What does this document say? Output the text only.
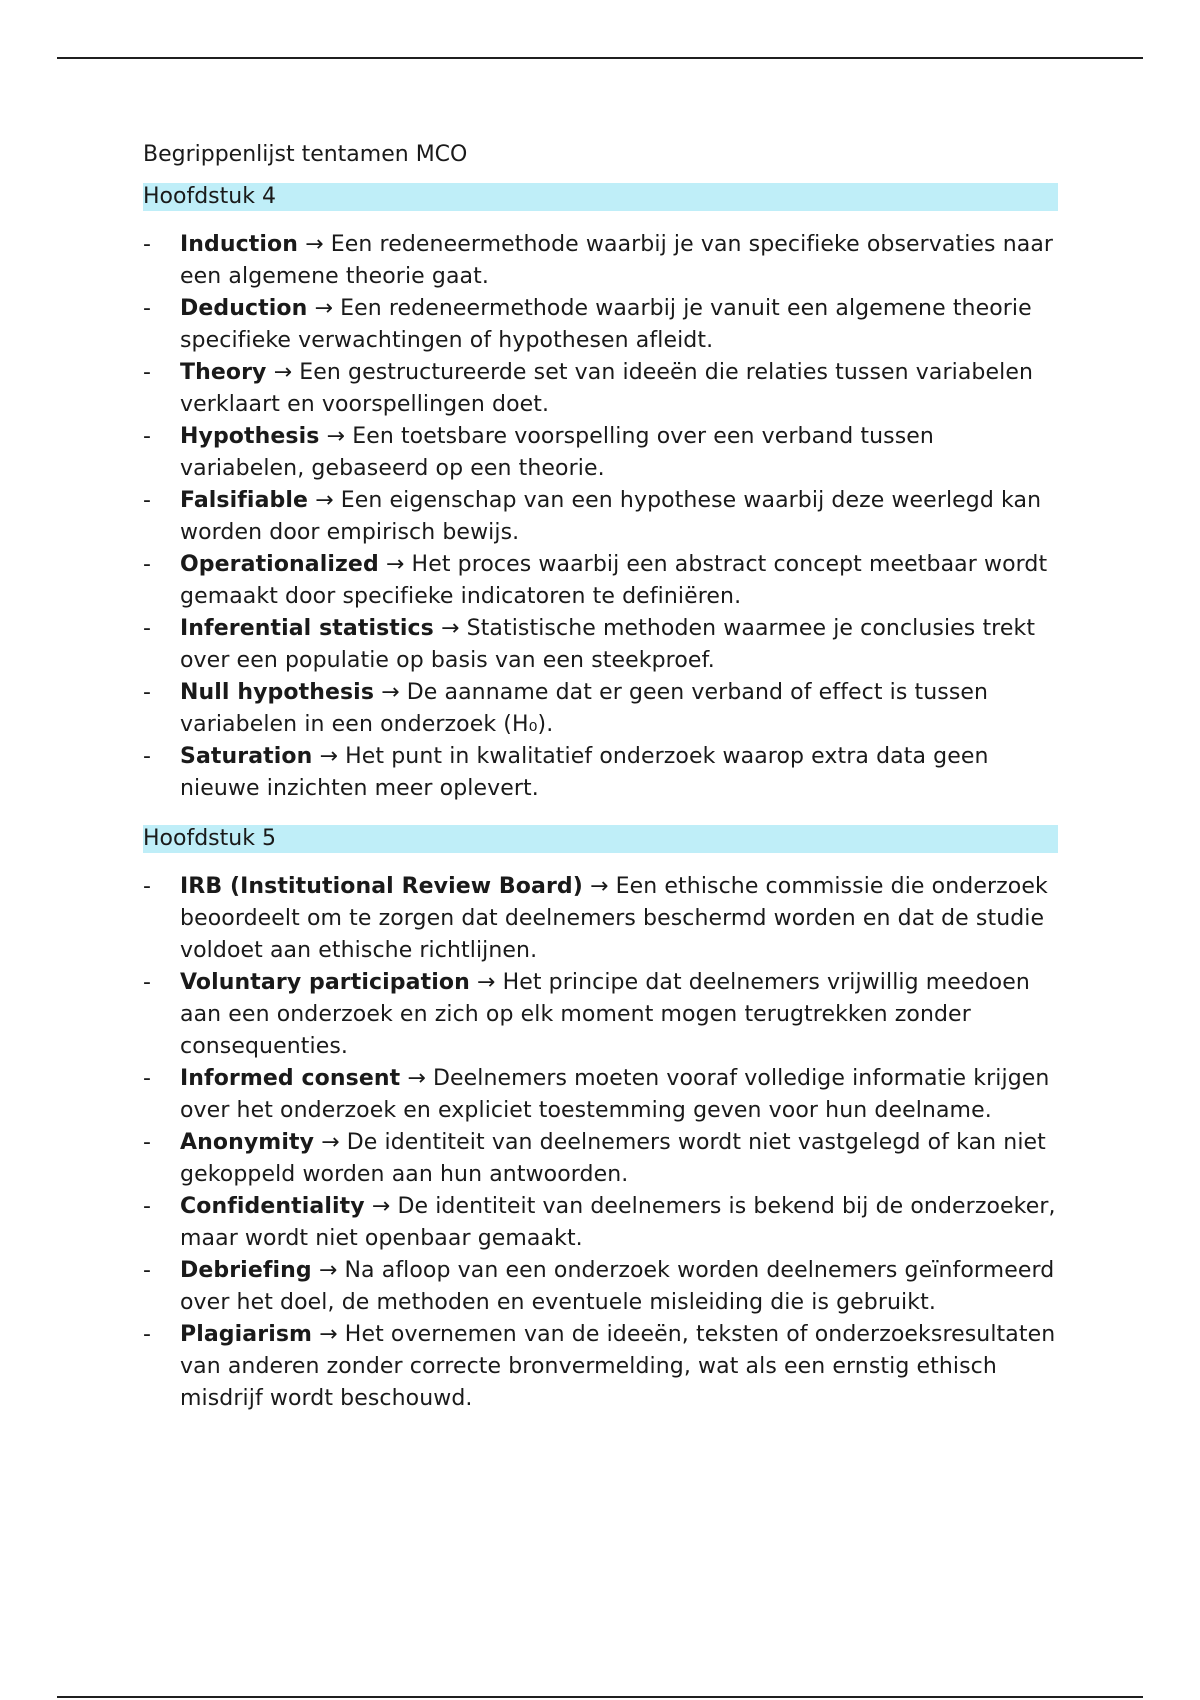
Begrippenlijst tentamen MCO
Hoofdstuk 4
-	Induction → Een redeneermethode waarbij je van specifieke observaties naar een algemene theorie gaat.
-	Deduction → Een redeneermethode waarbij je vanuit een algemene theorie specifieke verwachtingen of hypothesen afleidt.
-	Theory → Een gestructureerde set van ideeën die relaties tussen variabelen verklaart en voorspellingen doet.
-	Hypothesis → Een toetsbare voorspelling over een verband tussen variabelen, gebaseerd op een theorie.
-	Falsifiable → Een eigenschap van een hypothese waarbij deze weerlegd kan worden door empirisch bewijs.
-	Operationalized → Het proces waarbij een abstract concept meetbaar wordt gemaakt door specifieke indicatoren te definiëren.
-	Inferential statistics → Statistische methoden waarmee je conclusies trekt over een populatie op basis van een steekproef.
-	Null hypothesis → De aanname dat er geen verband of effect is tussen variabelen in een onderzoek (H₀).
-	Saturation → Het punt in kwalitatief onderzoek waarop extra data geen nieuwe inzichten meer oplevert.
Hoofdstuk 5
-	IRB (Institutional Review Board) → Een ethische commissie die onderzoek beoordeelt om te zorgen dat deelnemers beschermd worden en dat de studie voldoet aan ethische richtlijnen.
-	Voluntary participation → Het principe dat deelnemers vrijwillig meedoen aan een onderzoek en zich op elk moment mogen terugtrekken zonder consequenties.
-	Informed consent → Deelnemers moeten vooraf volledige informatie krijgen over het onderzoek en expliciet toestemming geven voor hun deelname.
-	Anonymity → De identiteit van deelnemers wordt niet vastgelegd of kan niet gekoppeld worden aan hun antwoorden.
-	Confidentiality → De identiteit van deelnemers is bekend bij de onderzoeker, maar wordt niet openbaar gemaakt.
-	Debriefing → Na afloop van een onderzoek worden deelnemers geïnformeerd over het doel, de methoden en eventuele misleiding die is gebruikt.
-	Plagiarism → Het overnemen van de ideeën, teksten of onderzoeksresultaten van anderen zonder correcte bronvermelding, wat als een ernstig ethisch misdrijf wordt beschouwd.
